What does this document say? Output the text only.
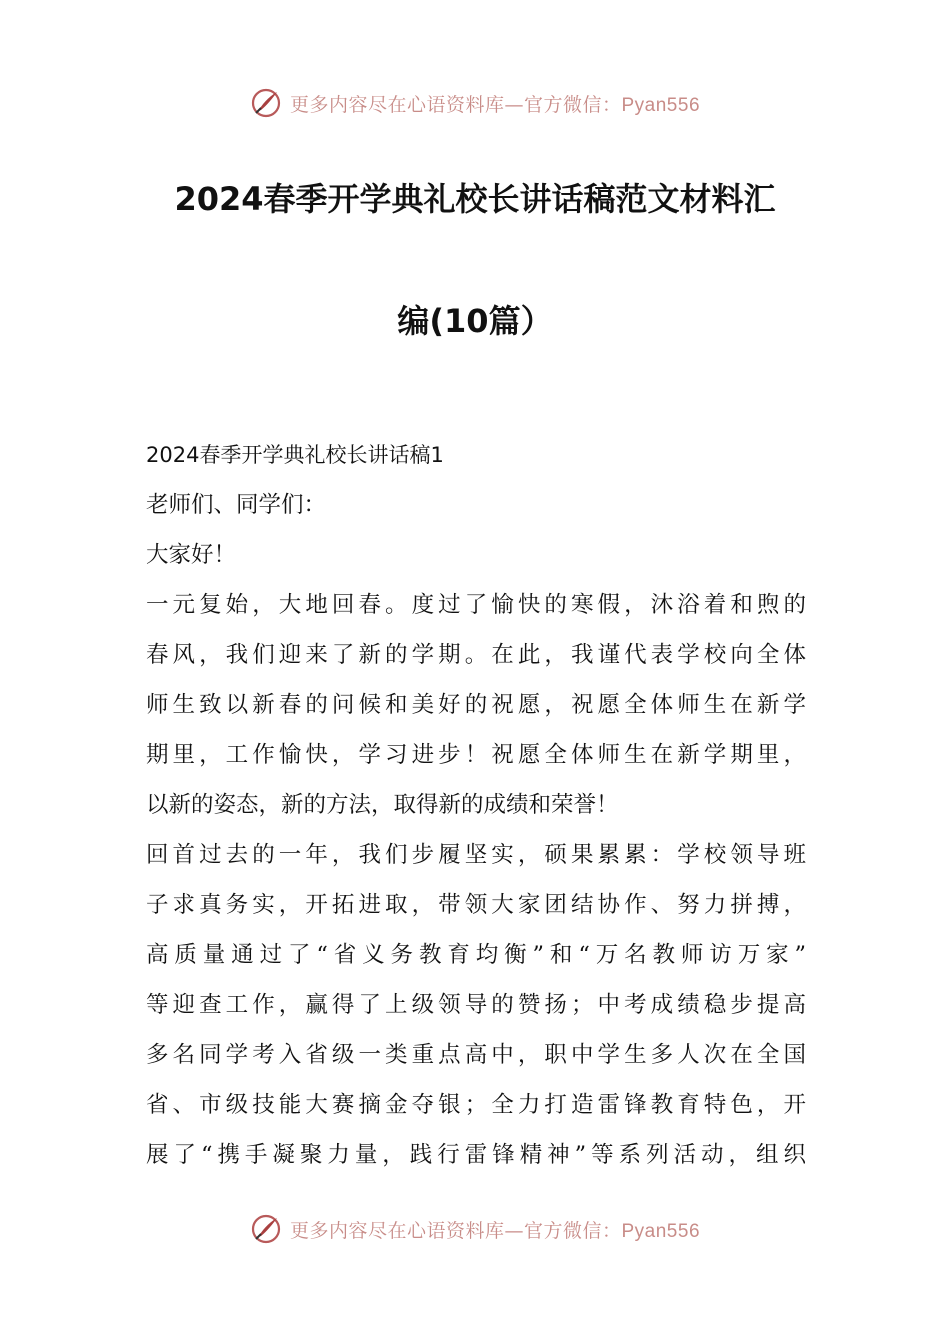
更多内容尽在心语资料库—官方微信：Pyan556
2024春季开学典礼校长讲话稿范文材料汇
编(10篇）
2024春季开学典礼校长讲话稿1
老师们、同学们：
大家好！
一元复始，大地回春。度过了愉快的寒假，沐浴着和煦的
春风，我们迎来了新的学期。在此，我谨代表学校向全体
师生致以新春的问候和美好的祝愿，祝愿全体师生在新学
期里，工作愉快，学习进步！祝愿全体师生在新学期里，
以新的姿态，新的方法，取得新的成绩和荣誉！
回首过去的一年，我们步履坚实，硕果累累：学校领导班
子求真务实，开拓进取，带领大家团结协作、努力拼搏，
高质量通过了“省义务教育均衡”和“万名教师访万家”
等迎查工作，赢得了上级领导的赞扬；中考成绩稳步提高
多名同学考入省级一类重点高中，职中学生多人次在全国
省、市级技能大赛摘金夺银；全力打造雷锋教育特色，开
展了“携手凝聚力量，践行雷锋精神”等系列活动，组织
更多内容尽在心语资料库—官方微信：Pyan556
